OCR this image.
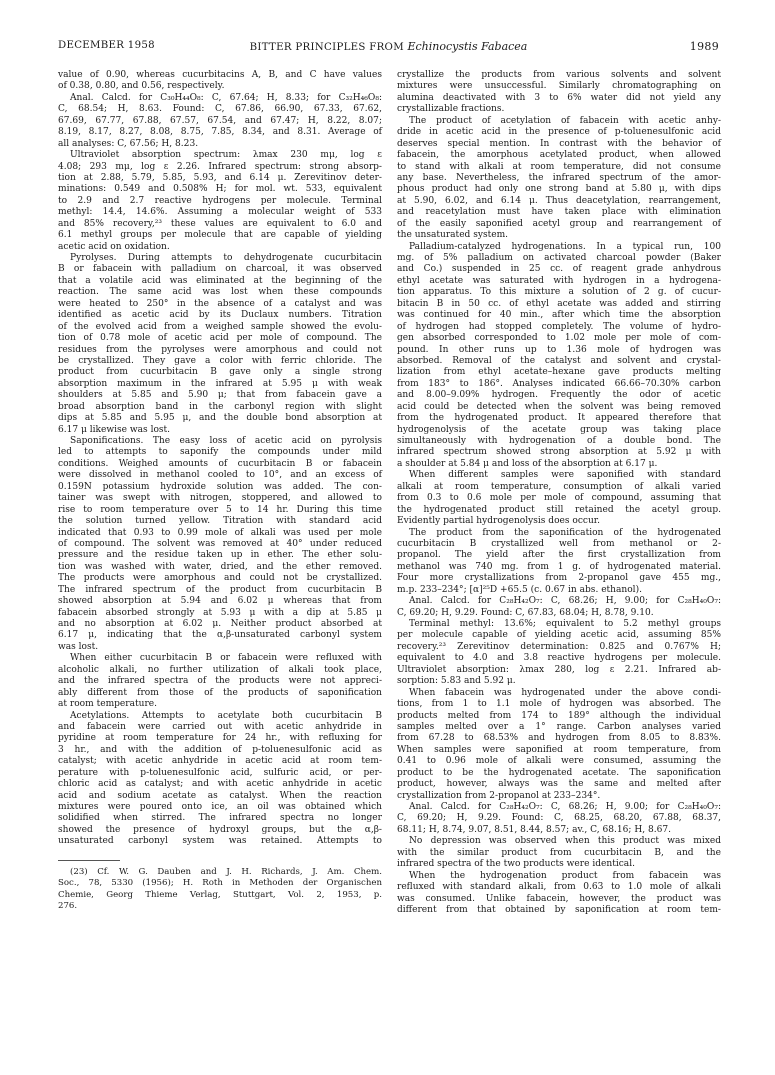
DECEMBER 1958	BITTER PRINCIPLES FROM Echinocystis Fabacea	1989
value of 0.90, whereas cucurbitacins A, B, and C have values
of 0.38, 0.80, and 0.56, respectively.
Anal. Calcd. for C₃₀H₄₄O₈: C, 67.64; H, 8.33; for C₃₂H₄₆O₈:
C, 68.54; H, 8.63. Found: C, 67.86, 66.90, 67.33, 67.62,
67.69, 67.77, 67.88, 67.57, 67.54, and 67.47; H, 8.22, 8.07;
8.19, 8.17, 8.27, 8.08, 8.75, 7.85, 8.34, and 8.31. Average of
all analyses: C, 67.56; H, 8.23.
Ultraviolet absorption spectrum: λmax 230 mμ, log ε
4.08; 293 mμ, log ε 2.26. Infrared spectrum: strong absorp-
tion at 2.88, 5.79, 5.85, 5.93, and 6.14 μ. Zerevitinov deter-
minations: 0.549 and 0.508% H; for mol. wt. 533, equivalent
to 2.9 and 2.7 reactive hydrogens per molecule. Terminal
methyl: 14.4, 14.6%. Assuming a molecular weight of 533
and 85% recovery,²³ these values are equivalent to 6.0 and
6.1 methyl groups per molecule that are capable of yielding
acetic acid on oxidation.
Pyrolyses. During attempts to dehydrogenate cucurbitacin
B or fabacein with palladium on charcoal, it was observed
that a volatile acid was eliminated at the beginning of the
reaction. The same acid was lost when these compounds
were heated to 250° in the absence of a catalyst and was
identified as acetic acid by its Duclaux numbers. Titration
of the evolved acid from a weighed sample showed the evolu-
tion of 0.78 mole of acetic acid per mole of compound. The
residues from the pyrolyses were amorphous and could not
be crystallized. They gave a color with ferric chloride. The
product from cucurbitacin B gave only a single strong
absorption maximum in the infrared at 5.95 μ with weak
shoulders at 5.85 and 5.90 μ; that from fabacein gave a
broad absorption band in the carbonyl region with slight
dips at 5.85 and 5.95 μ, and the double bond absorption at
6.17 μ likewise was lost.
Saponifications. The easy loss of acetic acid on pyrolysis
led to attempts to saponify the compounds under mild
conditions. Weighed amounts of cucurbitacin B or fabacein
were dissolved in methanol cooled to 10°, and an excess of
0.159N potassium hydroxide solution was added. The con-
tainer was swept with nitrogen, stoppered, and allowed to
rise to room temperature over 5 to 14 hr. During this time
the solution turned yellow. Titration with standard acid
indicated that 0.93 to 0.99 mole of alkali was used per mole
of compound. The solvent was removed at 40° under reduced
pressure and the residue taken up in ether. The ether solu-
tion was washed with water, dried, and the ether removed.
The products were amorphous and could not be crystallized.
The infrared spectrum of the product from cucurbitacin B
showed absorption at 5.94 and 6.02 μ whereas that from
fabacein absorbed strongly at 5.93 μ with a dip at 5.85 μ
and no absorption at 6.02 μ. Neither product absorbed at
6.17 μ, indicating that the α,β-unsaturated carbonyl system
was lost.
When either cucurbitacin B or fabacein were refluxed with
alcoholic alkali, no further utilization of alkali took place,
and the infrared spectra of the products were not appreci-
ably different from those of the products of saponification
at room temperature.
Acetylations. Attempts to acetylate both cucurbitacin B
and fabacein were carried out with acetic anhydride in
pyridine at room temperature for 24 hr., with refluxing for
3 hr., and with the addition of p-toluenesulfonic acid as
catalyst; with acetic anhydride in acetic acid at room tem-
perature with p-toluenesulfonic acid, sulfuric acid, or per-
chloric acid as catalyst; and with acetic anhydride in acetic
acid and sodium acetate as catalyst. When the reaction
mixtures were poured onto ice, an oil was obtained which
solidified when stirred. The infrared spectra no longer
showed the presence of hydroxyl groups, but the α,β-
unsaturated carbonyl system was retained. Attempts to
(23) Cf. W. G. Dauben and J. H. Richards, J. Am. Chem.
Soc., 78, 5330 (1956); H. Roth in Methoden der Organischen
Chemie, Georg Thieme Verlag, Stuttgart, Vol. 2, 1953, p.
276.
crystallize the products from various solvents and solvent
mixtures were unsuccessful. Similarly chromatographing on
alumina deactivated with 3 to 6% water did not yield any
crystallizable fractions.
The product of acetylation of fabacein with acetic anhy-
dride in acetic acid in the presence of p-toluenesulfonic acid
deserves special mention. In contrast with the behavior of
fabacein, the amorphous acetylated product, when allowed
to stand with alkali at room temperature, did not consume
any base. Nevertheless, the infrared spectrum of the amor-
phous product had only one strong band at 5.80 μ, with dips
at 5.90, 6.02, and 6.14 μ. Thus deacetylation, rearrangement,
and reacetylation must have taken place with elimination
of the easily saponified acetyl group and rearrangement of
the unsaturated system.
Palladium-catalyzed hydrogenations. In a typical run, 100
mg. of 5% palladium on activated charcoal powder (Baker
and Co.) suspended in 25 cc. of reagent grade anhydrous
ethyl acetate was saturated with hydrogen in a hydrogena-
tion apparatus. To this mixture a solution of 2 g. of cucur-
bitacin B in 50 cc. of ethyl acetate was added and stirring
was continued for 40 min., after which time the absorption
of hydrogen had stopped completely. The volume of hydro-
gen absorbed corresponded to 1.02 mole per mole of com-
pound. In other runs up to 1.36 mole of hydrogen was
absorbed. Removal of the catalyst and solvent and crystal-
lization from ethyl acetate–hexane gave products melting
from 183° to 186°. Analyses indicated 66.66–70.30% carbon
and 8.00–9.09% hydrogen. Frequently the odor of acetic
acid could be detected when the solvent was being removed
from the hydrogenated product. It appeared therefore that
hydrogenolysis of the acetate group was taking place
simultaneously with hydrogenation of a double bond. The
infrared spectrum showed strong absorption at 5.92 μ with
a shoulder at 5.84 μ and loss of the absorption at 6.17 μ.
When different samples were saponified with standard
alkali at room temperature, consumption of alkali varied
from 0.3 to 0.6 mole per mole of compound, assuming that
the hydrogenated product still retained the acetyl group.
Evidently partial hydrogenolysis does occur.
The product from the saponification of the hydrogenated
cucurbitacin B crystallized well from methanol or 2-
propanol. The yield after the first crystallization from
methanol was 740 mg. from 1 g. of hydrogenated material.
Four more crystallizations from 2-propanol gave 455 mg.,
m.p. 233–234°; [α]²⁵D +65.5 (c. 0.67 in abs. ethanol).
Anal. Calcd. for C₂₈H₄₂O₇: C, 68.26; H, 9.00; for C₂₈H₄₀O₇:
C, 69.20; H, 9.29. Found: C, 67.83, 68.04; H, 8.78, 9.10.
Terminal methyl: 13.6%; equivalent to 5.2 methyl groups
per molecule capable of yielding acetic acid, assuming 85%
recovery.²³ Zerevitinov determination: 0.825 and 0.767% H;
equivalent to 4.0 and 3.8 reactive hydrogens per molecule.
Ultraviolet absorption: λmax 280, log ε 2.21. Infrared ab-
sorption: 5.83 and 5.92 μ.
When fabacein was hydrogenated under the above condi-
tions, from 1 to 1.1 mole of hydrogen was absorbed. The
products melted from 174 to 189° although the individual
samples melted over a 1° range. Carbon analyses varied
from 67.28 to 68.53% and hydrogen from 8.05 to 8.83%.
When samples were saponified at room temperature, from
0.41 to 0.96 mole of alkali were consumed, assuming the
product to be the hydrogenated acetate. The saponification
product, however, always was the same and melted after
crystallization from 2-propanol at 233–234°.
Anal. Calcd. for C₂₈H₄₂O₇: C, 68.26; H, 9.00; for C₂₈H₄₀O₇:
C, 69.20; H, 9.29. Found: C, 68.25, 68.20, 67.88, 68.37,
68.11; H, 8.74, 9.07, 8.51, 8.44, 8.57; av., C, 68.16; H, 8.67.
No depression was observed when this product was mixed
with the similar product from cucurbitacin B, and the
infrared spectra of the two products were identical.
When the hydrogenation product from fabacein was
refluxed with standard alkali, from 0.63 to 1.0 mole of alkali
was consumed. Unlike fabacein, however, the product was
different from that obtained by saponification at room tem-
